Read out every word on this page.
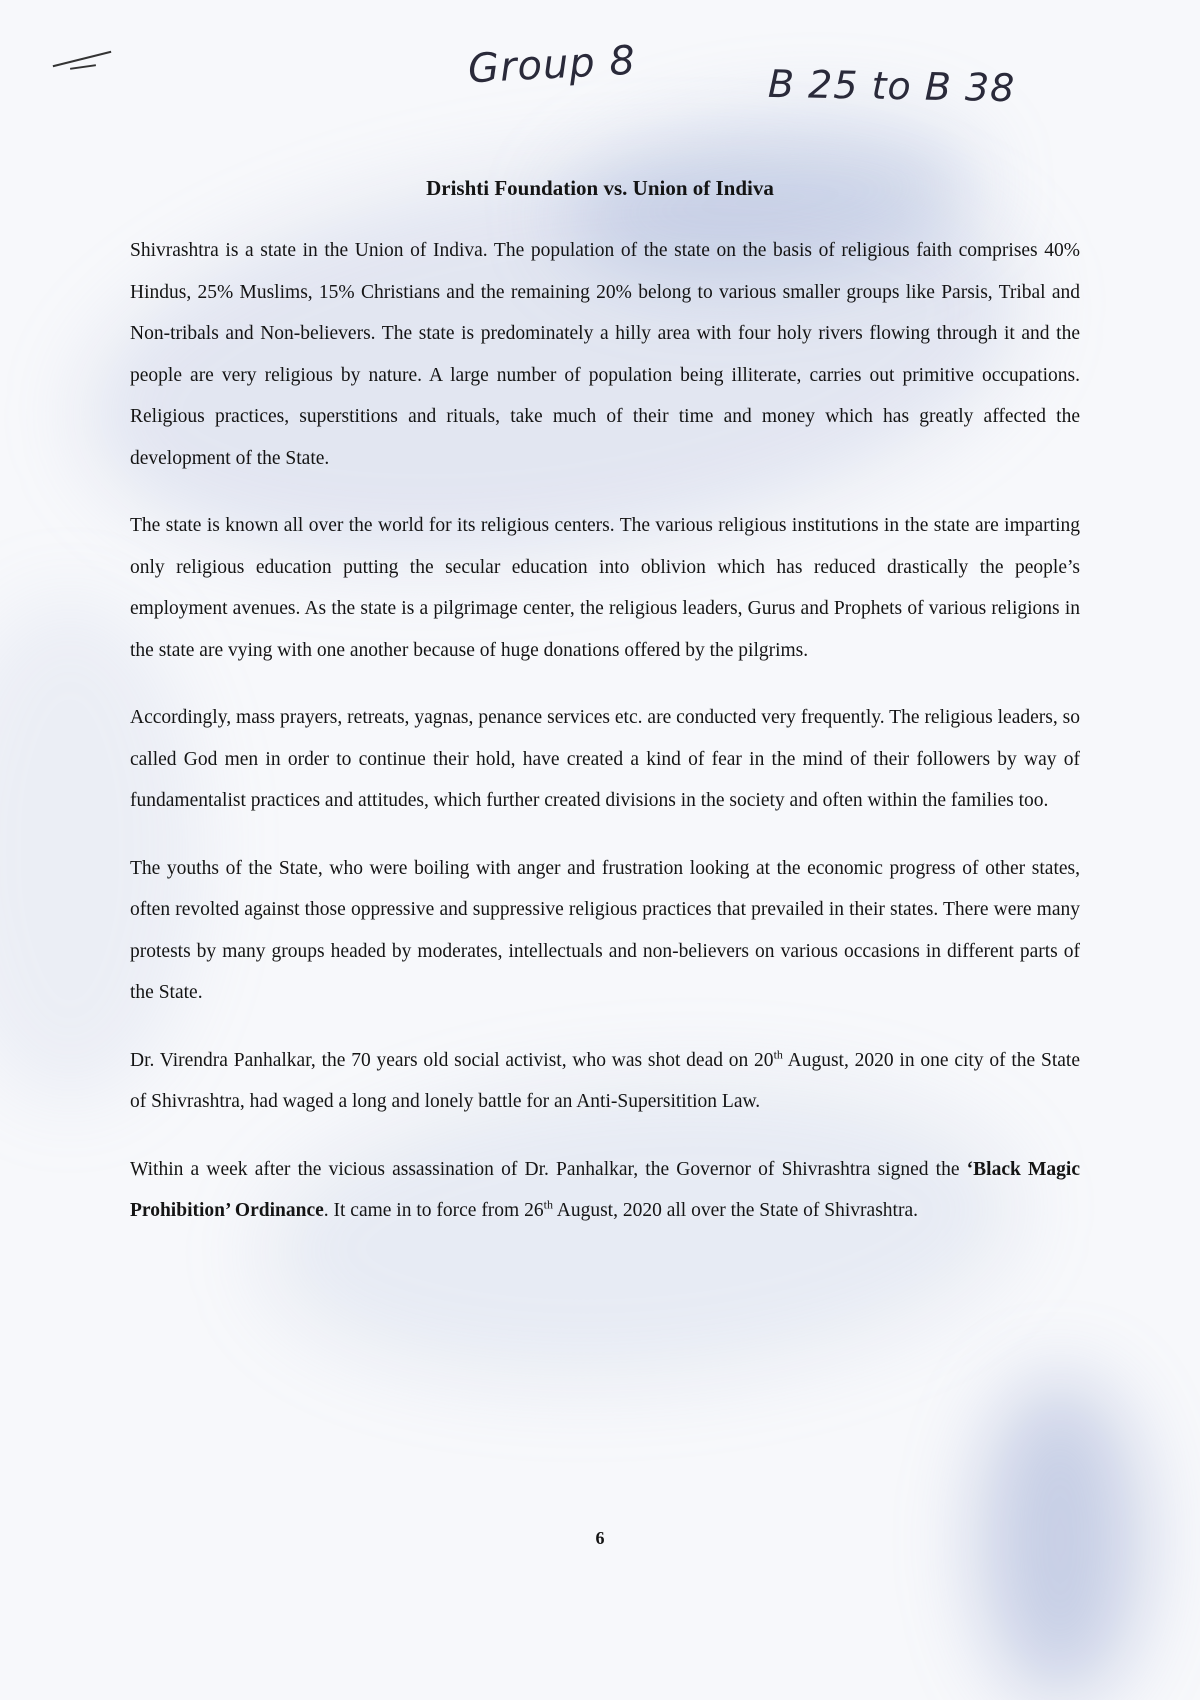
Group 8	B 25 to B 38
Drishti Foundation vs. Union of Indiva

Shivrashtra is a state in the Union of Indiva. The population of the state on the basis of religious faith comprises 40% Hindus, 25% Muslims, 15% Christians and the remaining 20% belong to various smaller groups like Parsis, Tribal and Non-tribals and Non-believers. The state is predominately a hilly area with four holy rivers flowing through it and the people are very religious by nature. A large number of population being illiterate, carries out primitive occupations. Religious practices, superstitions and rituals, take much of their time and money which has greatly affected the development of the State.

The state is known all over the world for its religious centers. The various religious institutions in the state are imparting only religious education putting the secular education into oblivion which has reduced drastically the people’s employment avenues. As the state is a pilgrimage center, the religious leaders, Gurus and Prophets of various religions in the state are vying with one another because of huge donations offered by the pilgrims.

Accordingly, mass prayers, retreats, yagnas, penance services etc. are conducted very frequently. The religious leaders, so called God men in order to continue their hold, have created a kind of fear in the mind of their followers by way of fundamentalist practices and attitudes, which further created divisions in the society and often within the families too.

The youths of the State, who were boiling with anger and frustration looking at the economic progress of other states, often revolted against those oppressive and suppressive religious practices that prevailed in their states. There were many protests by many groups headed by moderates, intellectuals and non-believers on various occasions in different parts of the State.

Dr. Virendra Panhalkar, the 70 years old social activist, who was shot dead on 20th August, 2020 in one city of the State of Shivrashtra, had waged a long and lonely battle for an Anti-Supersitition Law.

Within a week after the vicious assassination of Dr. Panhalkar, the Governor of Shivrashtra signed the ‘Black Magic Prohibition’ Ordinance. It came in to force from 26th August, 2020 all over the State of Shivrashtra.

6
